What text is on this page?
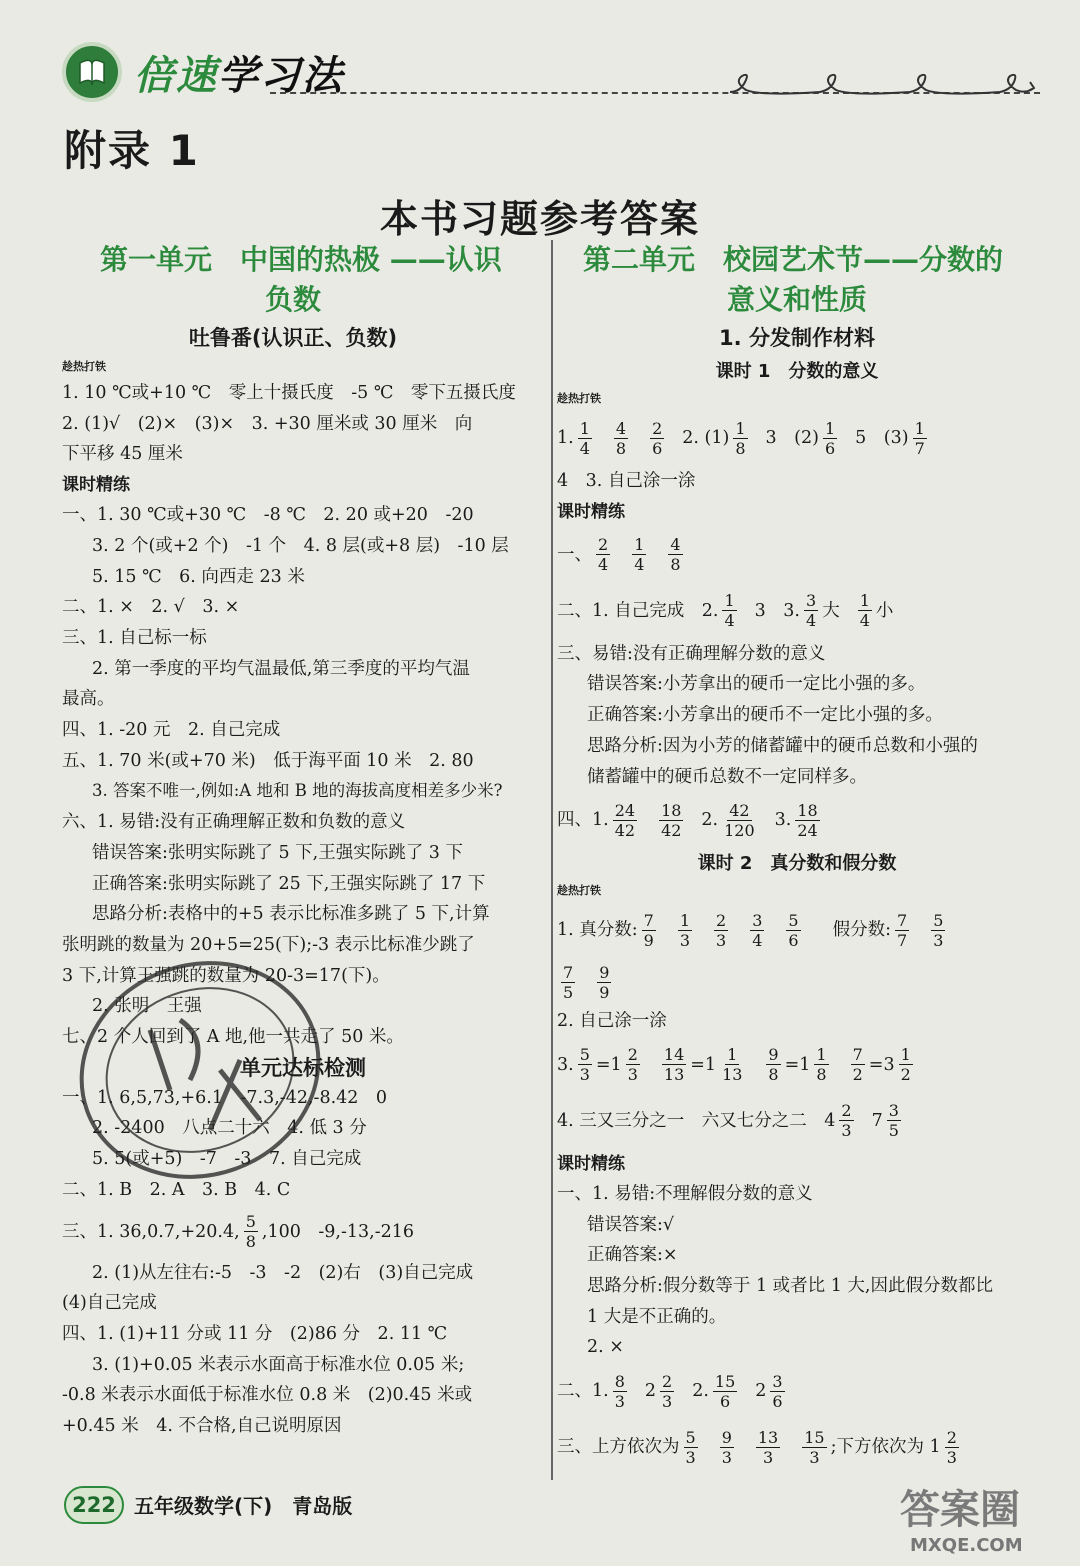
倍速学习法
附录 1
本书习题参考答案
第一单元　中国的热极 ——认识
负数
吐鲁番(认识正、负数)
趁热打铁
1. 10 ℃或+10 ℃　零上十摄氏度　-5 ℃　零下五摄氏度
2. (1)√　(2)×　(3)×　3. +30 厘米或 30 厘米　向
下平移 45 厘米
课时精练
一、1. 30 ℃或+30 ℃　-8 ℃　2. 20 或+20　-20
3. 2 个(或+2 个)　-1 个　4. 8 层(或+8 层)　-10 层
5. 15 ℃　6. 向西走 23 米
二、1. ×　2. √　3. ×
三、1. 自己标一标
2. 第一季度的平均气温最低,第三季度的平均气温
最高。
四、1. -20 元　2. 自己完成
五、1. 70 米(或+70 米)　低于海平面 10 米　2. 80
3. 答案不唯一,例如:A 地和 B 地的海拔高度相差多少米?
六、1. 易错:没有正确理解正数和负数的意义
错误答案:张明实际跳了 5 下,王强实际跳了 3 下
正确答案:张明实际跳了 25 下,王强实际跳了 17 下
思路分析:表格中的+5 表示比标准多跳了 5 下,计算
张明跳的数量为 20+5=25(下);-3 表示比标准少跳了
3 下,计算王强跳的数量为 20-3=17(下)。
2. 张明　王强
七、2 个人回到了 A 地,他一共走了 50 米。
单元达标检测
一、1. 6,5,73,+6.1　-7.3,-42,-8.42　0
2. -2400　八点二十六　4. 低 3 分
5. 5(或+5)　-7　-3　7. 自己完成
二、1. B　2. A　3. B　4. C
三、1. 36,0.7,+20.4, $\frac{5}{8} ,100$　-9,-13,-216
2. (1)从左往右:-5　-3　-2　(2)右　(3)自己完成
(4)自己完成
四、1. (1)+11 分或 11 分　(2)86 分　2. 11 ℃
3. (1)+0.05 米表示水面高于标准水位 0.05 米;
-0.8 米表示水面低于标准水位 0.8 米　(2)0.45 米或
+0.45 米　4. 不合格,自己说明原因
第二单元　校园艺术节——分数的
意义和性质
1. 分发制作材料
课时 1　分数的意义
趁热打铁
1. $\frac{1}{4} \frac{4}{8} \frac{2}{6} 2$. $(1) \frac{1}{8} 3$　$(2) \frac{1}{6} 5$　$(3) \frac{1}{7}$
4　3. 自己涂一涂
课时精练
一、 $\frac{2}{4} \frac{1}{4} \frac{4}{8}$
二、1. 自己完成　2. $\frac{1}{4} 3$　3. $\frac{3}{4}$ 大 $\frac{1}{4}$ 小
三、易错:没有正确理解分数的意义
错误答案:小芳拿出的硬币一定比小强的多。
正确答案:小芳拿出的硬币不一定比小强的多。
思路分析:因为小芳的储蓄罐中的硬币总数和小强的
储蓄罐中的硬币总数不一定同样多。
四、1. $\frac{24}{42} \frac{18}{42} 2$. $\frac{42}{120} 3$. $\frac{18}{24}$
课时 2　真分数和假分数
趁热打铁
1. 真分数: $\frac{7}{9} \frac{1}{3} \frac{2}{3} \frac{3}{4} \frac{5}{6}$ 假分数: $\frac{7}{7} \frac{5}{3}$
$\frac{7}{5} \frac{9}{9}$
2. 自己涂一涂
3. $\frac{5}{3} =1 \frac{2}{3} \frac{14}{13} =1 \frac{1}{13} \frac{9}{8} =1 \frac{1}{8} \frac{7}{2} =3 \frac{1}{2}$
4. 三又三分之一　六又七分之二　$4 \frac{2}{3} 7 \frac{3}{5}$
课时精练
一、1. 易错:不理解假分数的意义
错误答案:√
正确答案:×
思路分析:假分数等于 1 或者比 1 大,因此假分数都比
1 大是不正确的。
2. ×
二、1. $\frac{8}{3} 2 \frac{2}{3} 2$. $\frac{15}{6} 2 \frac{3}{6}$
三、上方依次为 $\frac{5}{3} \frac{9}{3} \frac{13}{3} \frac{15}{3}$ ;下方依次为 $1 \frac{2}{3}$
222 五年级数学(下)　青岛版	答案圈
MXQE.COM
